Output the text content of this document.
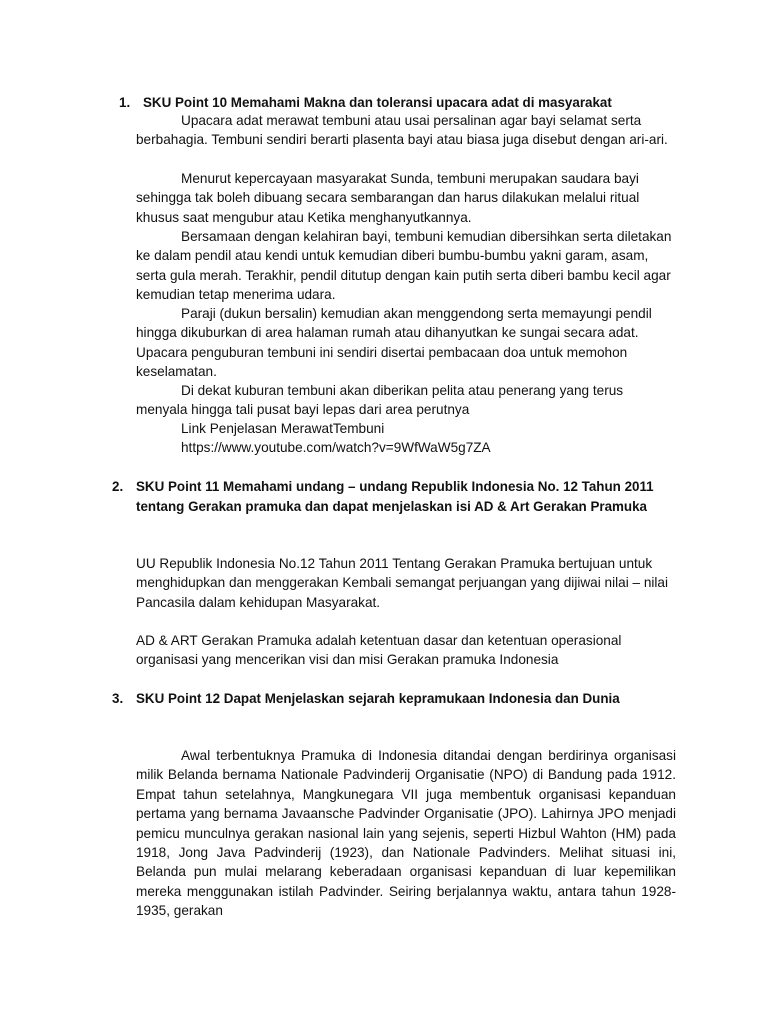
1. SKU Point 10 Memahami Makna dan toleransi upacara adat di masyarakat

Upacara adat merawat tembuni atau usai persalinan agar bayi selamat serta berbahagia. Tembuni sendiri berarti plasenta bayi atau biasa juga disebut dengan ari-ari.

Menurut kepercayaan masyarakat Sunda, tembuni merupakan saudara bayi sehingga tak boleh dibuang secara sembarangan dan harus dilakukan melalui ritual khusus saat mengubur atau Ketika menghanyutkannya.

Bersamaan dengan kelahiran bayi, tembuni kemudian dibersihkan serta diletakan ke dalam pendil atau kendi untuk kemudian diberi bumbu-bumbu yakni garam, asam, serta gula merah. Terakhir, pendil ditutup dengan kain putih serta diberi bambu kecil agar kemudian tetap menerima udara.

Paraji (dukun bersalin) kemudian akan menggendong serta memayungi pendil hingga dikuburkan di area halaman rumah atau dihanyutkan ke sungai secara adat. Upacara penguburan tembuni ini sendiri disertai pembacaan doa untuk memohon keselamatan.

Di dekat kuburan tembuni akan diberikan pelita atau penerang yang terus menyala hingga tali pusat bayi lepas dari area perutnya

Link Penjelasan MerawatTembuni
https://www.youtube.com/watch?v=9WfWaW5g7ZA
2. SKU Point 11 Memahami undang – undang Republik Indonesia No. 12 Tahun 2011 tentang Gerakan pramuka dan dapat menjelaskan isi AD & Art Gerakan Pramuka

UU Republik Indonesia No.12 Tahun 2011 Tentang Gerakan Pramuka bertujuan untuk menghidupkan dan menggerakan Kembali semangat perjuangan yang dijiwai nilai – nilai Pancasila dalam kehidupan Masyarakat.

AD & ART Gerakan Pramuka adalah ketentuan dasar dan ketentuan operasional organisasi yang mencerikan visi dan misi Gerakan pramuka Indonesia

3. SKU Point 12 Dapat Menjelaskan sejarah kepramukaan Indonesia dan Dunia

Awal terbentuknya Pramuka di Indonesia ditandai dengan berdirinya organisasi milik Belanda bernama Nationale Padvinderij Organisatie (NPO) di Bandung pada 1912. Empat tahun setelahnya, Mangkunegara VII juga membentuk organisasi kepanduan pertama yang bernama Javaansche Padvinder Organisatie (JPO). Lahirnya JPO menjadi pemicu munculnya gerakan nasional lain yang sejenis, seperti Hizbul Wahton (HM) pada 1918, Jong Java Padvinderij (1923), dan Nationale Padvinders. Melihat situasi ini, Belanda pun mulai melarang keberadaan organisasi kepanduan di luar kepemilikan mereka menggunakan istilah Padvinder. Seiring berjalannya waktu, antara tahun 1928-1935, gerakan
